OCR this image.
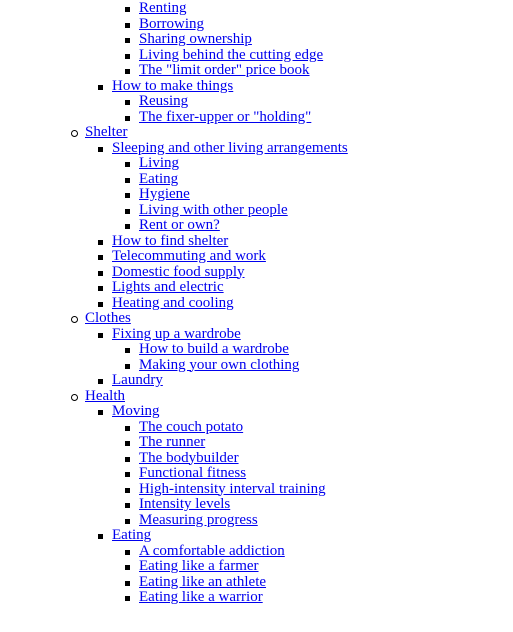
Renting
Borrowing
Sharing ownership
Living behind the cutting edge
The "limit order" price book
How to make things
Reusing
The fixer-upper or "holding"
Shelter
Sleeping and other living arrangements
Living
Eating
Hygiene
Living with other people
Rent or own?
How to find shelter
Telecommuting and work
Domestic food supply
Lights and electric
Heating and cooling
Clothes
Fixing up a wardrobe
How to build a wardrobe
Making your own clothing
Laundry
Health
Moving
The couch potato
The runner
The bodybuilder
Functional fitness
High-intensity interval training
Intensity levels
Measuring progress
Eating
A comfortable addiction
Eating like a farmer
Eating like an athlete
Eating like a warrior
